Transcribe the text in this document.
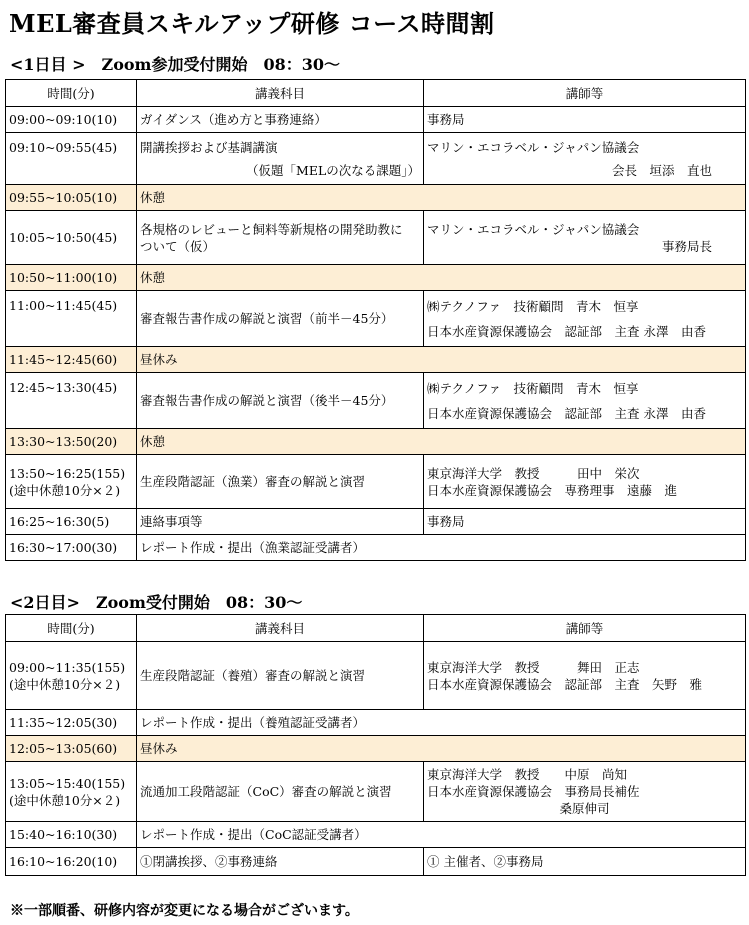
MEL審査員スキルアップ研修 コース時間割
<1日目 >　Zoom参加受付開始　08：30～
時間(分)	講義科目	講師等

09:00~09:10(10)	ガイダンス（進め方と事務連絡）	事務局

09:10~09:55(45)	開講挨拶および基調講演
（仮題「MELの次なる課題」）	マリン・エコラベル・ジャパン協議会
会長　垣添　直也

09:55~10:05(10)	休憩	

10:05~10:50(45)	各規格のレビューと飼料等新規格の開発助教に
ついて（仮）	マリン・エコラベル・ジャパン協議会
事務局長

10:50~11:00(10)	休憩	

11:00~11:45(45)	審査報告書作成の解説と演習（前半－45分）	㈱テクノファ　技術顧問　青木　恒享
日本水産資源保護協会　認証部　主査 永澤　由香

11:45~12:45(60)	昼休み	

12:45~13:30(45)	審査報告書作成の解説と演習（後半－45分）	㈱テクノファ　技術顧問　青木　恒享
日本水産資源保護協会　認証部　主査 永澤　由香

13:30~13:50(20)	休憩	

13:50~16:25(155)
(途中休憩10分×２)	生産段階認証（漁業）審査の解説と演習	東京海洋大学　教授　　　田中　栄次
日本水産資源保護協会　専務理事　遠藤　進

16:25~16:30(5)	連絡事項等	事務局

16:30~17:00(30)	レポート作成・提出（漁業認証受講者）	
<2日目>　Zoom受付開始　08：30～
時間(分)	講義科目	講師等

09:00~11:35(155)
(途中休憩10分×２)	生産段階認証（養殖）審査の解説と演習	東京海洋大学　教授　　　舞田　正志
日本水産資源保護協会　認証部　主査　矢野　雅

11:35~12:05(30)	レポート作成・提出（養殖認証受講者）	

12:05~13:05(60)	昼休み	

13:05~15:40(155)
(途中休憩10分×２)	流通加工段階認証（CoC）審査の解説と演習	東京海洋大学　教授　　中原　尚知
日本水産資源保護協会　事務局長補佐
桑原伸司

15:40~16:10(30)	レポート作成・提出（CoC認証受講者）	

16:10~16:20(10)	①閉講挨拶、②事務連絡	① 主催者、②事務局
※一部順番、研修内容が変更になる場合がございます。
